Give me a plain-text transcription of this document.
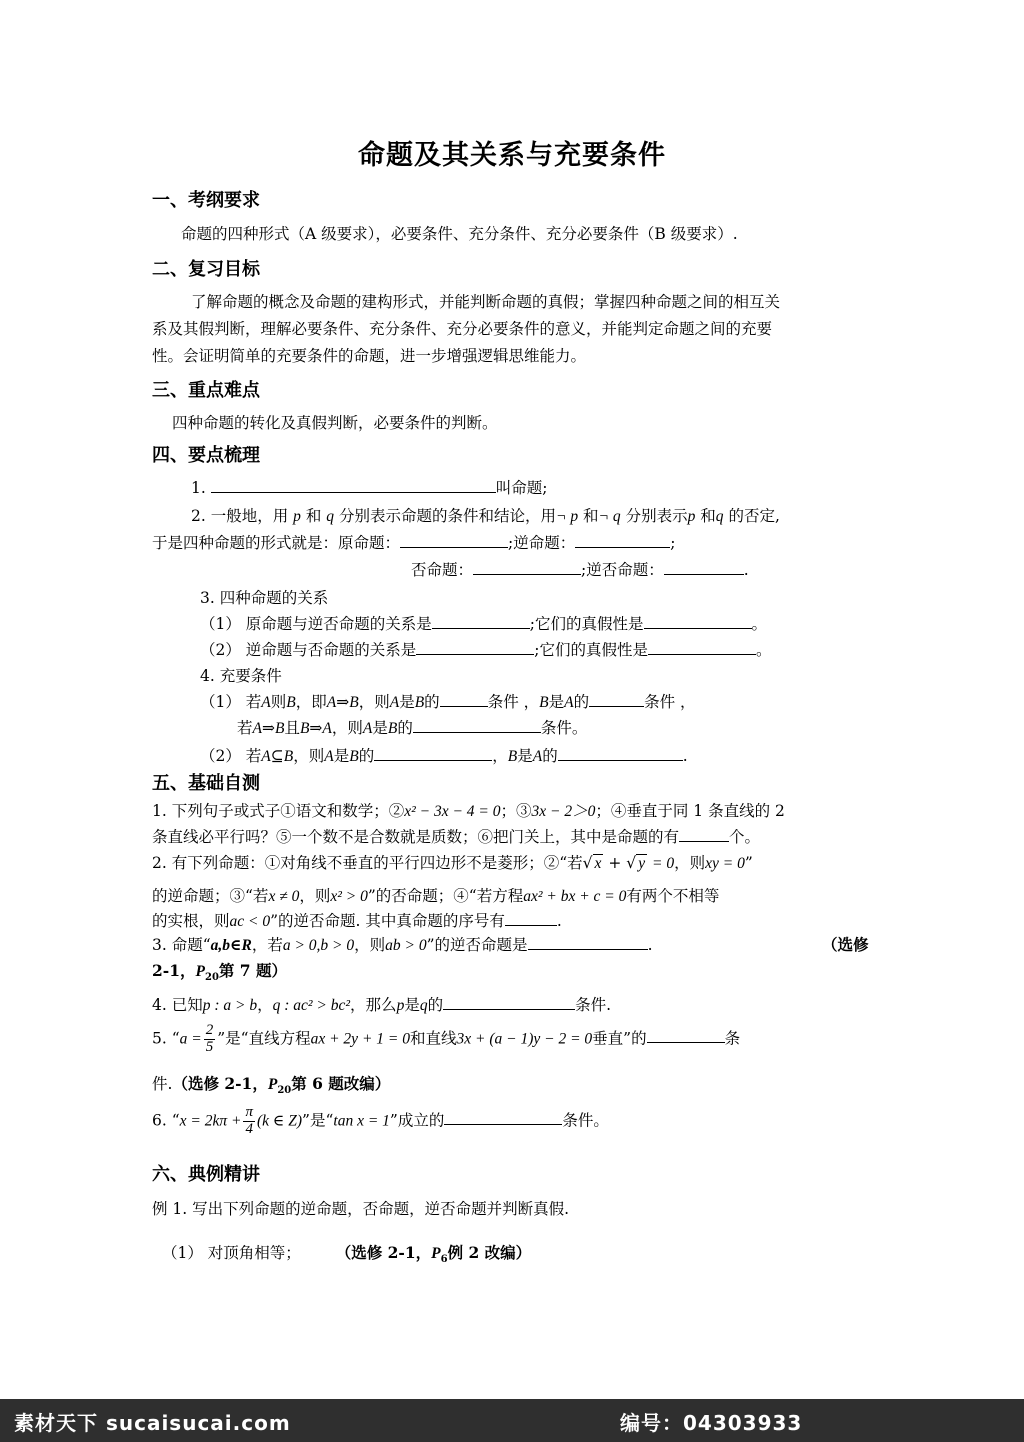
命题及其关系与充要条件
一、考纲要求
命题的四种形式（A 级要求），必要条件、充分条件、充分必要条件（B 级要求）.
二、复习目标
了解命题的概念及命题的建构形式，并能判断命题的真假；掌握四种命题之间的相互关
系及其假判断，理解必要条件、充分条件、充分必要条件的意义，并能判定命题之间的充要
性。会证明简单的充要条件的命题，进一步增强逻辑思维能力。
三、重点难点
四种命题的转化及真假判断，必要条件的判断。
四、要点梳理
1.	叫命题;
2. 一般地，用 p 和 q 分别表示命题的条件和结论，用¬ p 和¬ q 分别表示p 和q 的否定,
于是四种命题的形式就是：原命题：	;逆命题：	;
否命题：	;逆否命题：	.
3. 四种命题的关系
（1） 原命题与逆否命题的关系是	;它们的真假性是	。
（2） 逆命题与否命题的关系是	;它们的真假性是	。
4. 充要条件
（1） 若A则B，即A⇒B，则A是B的	条件 ，B是A的	条件 ，
若A⇒B且B⇒A，则A是B的	条件。
（2） 若A⊆B，则A是B的	，B是A的	.
五、基础自测
1. 下列句子或式子①语文和数学；②x² − 3x − 4 = 0；③3x − 2＞0；④垂直于同 1 条直线的 2
条直线必平行吗？⑤一个数不是合数就是质数；⑥把门关上，其中是命题的有	个。
2. 有下列命题：①对角线不垂直的平行四边形不是菱形；②“若√ x + √ y = 0，则xy = 0”
的逆命题；③“若x ≠ 0，则x² > 0”的否命题；④“若方程ax² + bx + c = 0有两个不相等
的实根，则ac < 0”的逆否命题. 其中真命题的序号有	.
3. 命题“a,b∈R，若a > 0,b > 0，则ab > 0”的逆否命题是	.	（选修
2-1，$P_{20}$第 7 题）
4. 已知p : a > b，q : ac² > bc²，那么p是q的	条件.
5. “$a = \frac{2}{5}$ ”是“直线方程ax + 2y + 1 = 0和直线3x + (a − 1)y − 2 = 0垂直”的	条
件.（选修 2-1，$P_{20}$第 6 题改编）
6. “$x = 2k\pi + \frac{\pi}{4} (k$ ∈ Z)”是“tan x = 1”成立的	条件。
六、典例精讲
例 1. 写出下列命题的逆命题，否命题，逆否命题并判断真假.
（1） 对顶角相等； （选修 2-1，$P_6$例 2 改编）
素材天下 sucaisucai.com	编号：04303933
